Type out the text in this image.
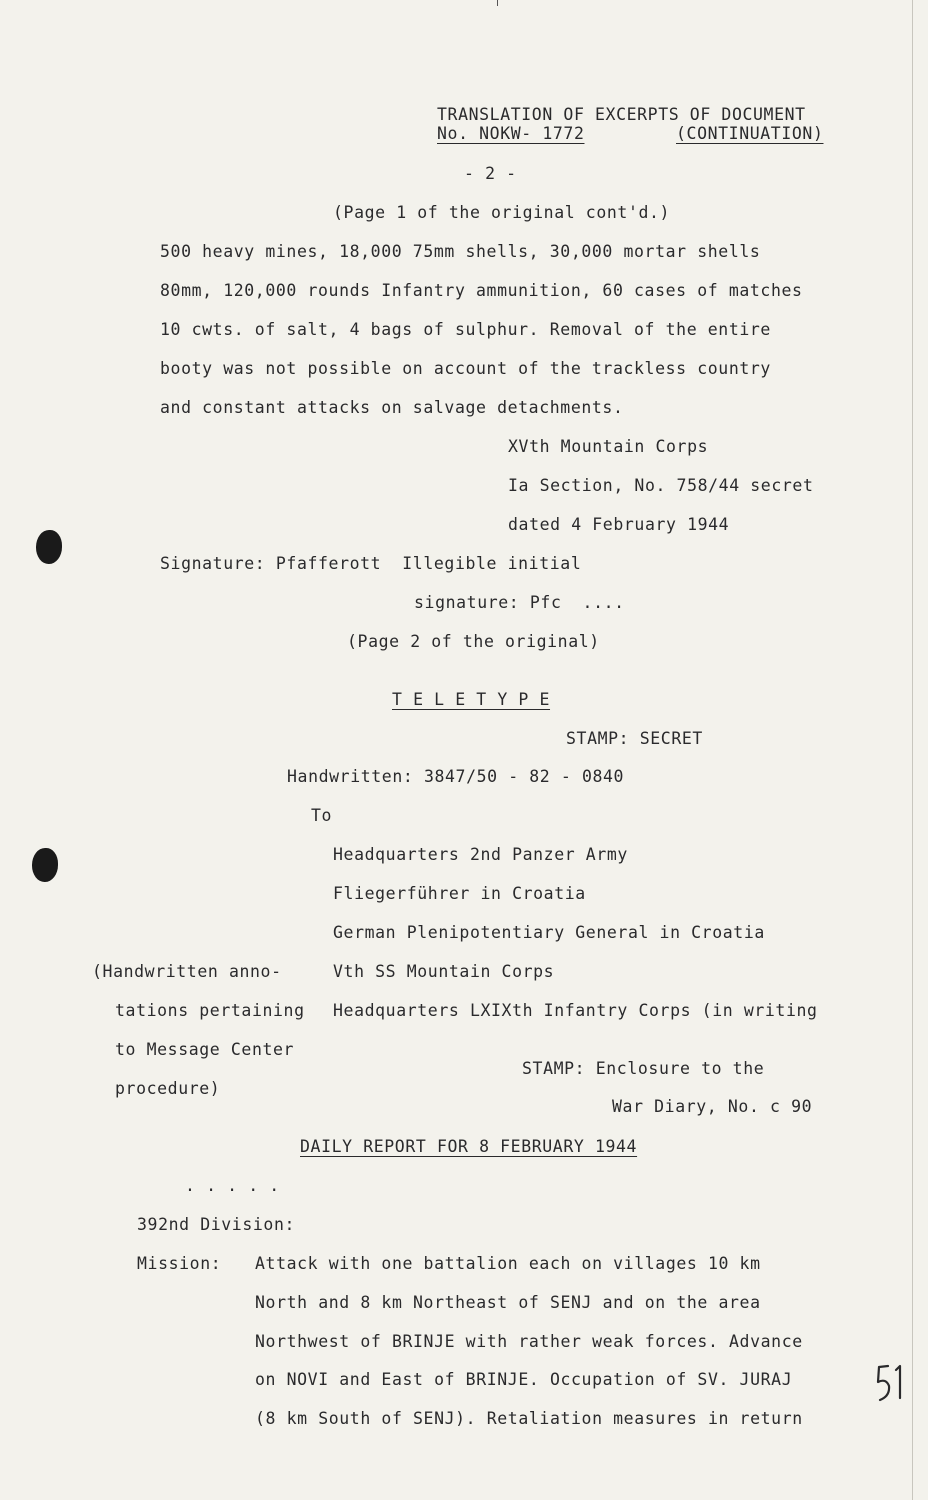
TRANSLATION OF EXCERPTS OF DOCUMENT
No. NOKW- 1772	(CONTINUATION)
- 2 -
(Page 1 of the original cont'd.)
500 heavy mines, 18,000 75mm shells, 30,000 mortar shells
80mm, 120,000 rounds Infantry ammunition, 60 cases of matches
10 cwts. of salt, 4 bags of sulphur. Removal of the entire
booty was not possible on account of the trackless country
and constant attacks on salvage detachments.
XVth Mountain Corps
Ia Section, No. 758/44 secret
dated 4 February 1944
Signature: Pfafferott  Illegible initial
signature: Pfc  ....
(Page 2 of the original)
T E L E T Y P E
STAMP: SECRET
Handwritten: 3847/50 - 82 - 0840
To
Headquarters 2nd Panzer Army
Fliegerführer in Croatia
German Plenipotentiary General in Croatia
Vth SS Mountain Corps
Headquarters LXIXth Infantry Corps (in writing
(Handwritten anno-
tations pertaining
to Message Center
procedure)
STAMP: Enclosure to the
War Diary, No. c 90
DAILY REPORT FOR 8 FEBRUARY 1944
. . . . .
392nd Division:
Mission: Attack with one battalion each on villages 10 km
North and 8 km Northeast of SENJ and on the area
Northwest of BRINJE with rather weak forces. Advance
on NOVI and East of BRINJE. Occupation of SV. JURAJ
(8 km South of SENJ). Retaliation measures in return
